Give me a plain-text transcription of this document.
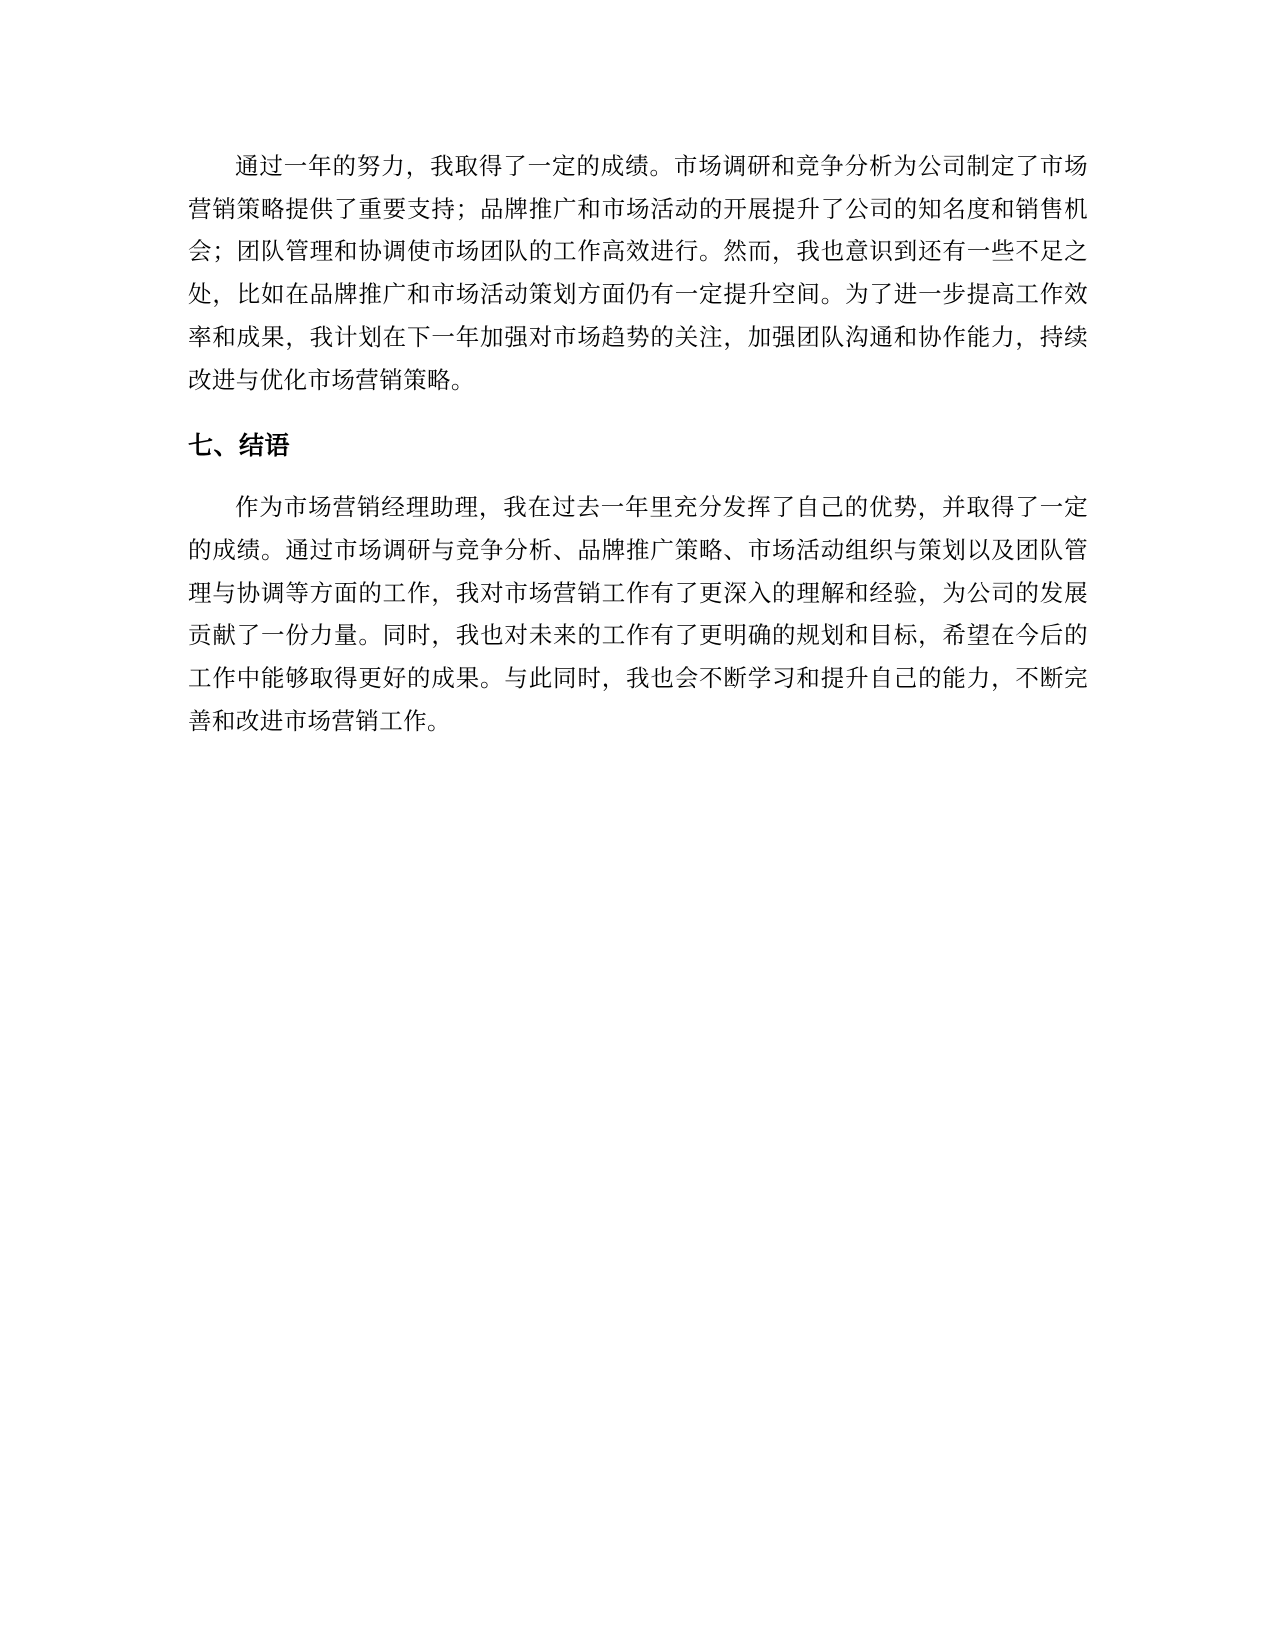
通过一年的努力，我取得了一定的成绩。市场调研和竞争分析为公司制定了市场营销策略提供了重要支持；品牌推广和市场活动的开展提升了公司的知名度和销售机会；团队管理和协调使市场团队的工作高效进行。然而，我也意识到还有一些不足之处，比如在品牌推广和市场活动策划方面仍有一定提升空间。为了进一步提高工作效率和成果，我计划在下一年加强对市场趋势的关注，加强团队沟通和协作能力，持续改进与优化市场营销策略。

七、结语

作为市场营销经理助理，我在过去一年里充分发挥了自己的优势，并取得了一定的成绩。通过市场调研与竞争分析、品牌推广策略、市场活动组织与策划以及团队管理与协调等方面的工作，我对市场营销工作有了更深入的理解和经验，为公司的发展贡献了一份力量。同时，我也对未来的工作有了更明确的规划和目标，希望在今后的工作中能够取得更好的成果。与此同时，我也会不断学习和提升自己的能力，不断完善和改进市场营销工作。
